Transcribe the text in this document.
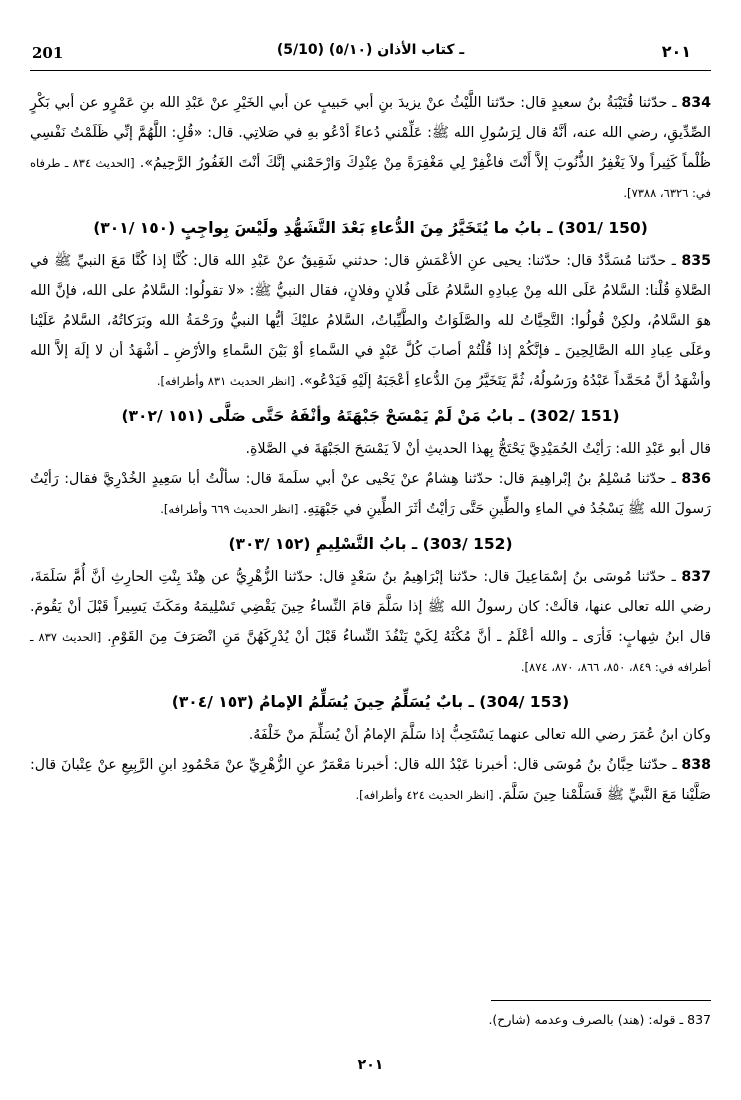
201	(5/10) ـ كتاب الأذان (٥/١٠)	٢٠١

834 ـ حدّثنا قُتَيْبَةُ بنُ سعيدٍ قال: حدّثنا اللَّيْثُ عنْ يزيدَ بنِ أبي حَبيبٍ عن أبي الخَيْرِ عنْ عَبْدِ الله بنِ عَمْرٍو عن أبي بَكْرٍ الصِّدِّيقِ، رضي الله عنه، أنَّهُ قال لِرَسُولِ الله ﷺ: عَلِّمْني دُعاءً أدْعُو بهِ في صَلاتِي. قال: «قُلِ: اللَّهُمَّ إنِّي ظَلَمْتُ نَفْسِي ظُلْماً كَثِيراً ولاَ يَغْفِرُ الذُّنُوبَ إلاَّ أَنْتَ فاغْفِرْ لِي مَغْفِرَةً مِنْ عِنْدِكَ وَارْحَمْني إنَّكَ أنْتَ الغَفُورُ الرَّحِيمُ». [الحديث ٨٣٤ ـ طرفاه في: ٦٣٢٦، ٧٣٨٨].

(150 /301) ـ بابُ ما يُتَخَيَّرُ مِنَ الدُّعاءِ بَعْدَ التَّشَهُّدِ ولَيْسَ بِواجِبٍ (١٥٠ /٣٠١)

835 ـ حدّثنا مُسَدَّدٌ قال: حدّثنا: يحيى عنِ الأعْمَشِ قال: حدثني شَقِيقٌ عنْ عَبْدِ الله قال: كُنَّا إذا كُنَّا مَعَ النبيِّ ﷺ في الصَّلاةِ قُلْنا: السَّلامُ عَلَى الله مِنْ عِبادِهِ السَّلامُ عَلَى فُلانٍ وفلانٍ، فقال النبيُّ ﷺ: «لا تقولُوا: السَّلامُ على الله، فإنَّ الله هوَ السَّلامُ، ولكِنْ قُولُوا: التَّحِيَّاتُ لله والصَّلَوَاتُ والطَّيِّباتُ، السَّلامُ عليْكَ أيُّها النبيُّ ورَحْمَةُ الله وبَرَكاتُهُ، السَّلامُ عَلَيْنا وعَلَى عِبادِ الله الصَّالِحِينَ ـ فإنَّكُمْ إذا قُلْتُمْ أصابَ كُلَّ عَبْدٍ في السَّماءِ أوْ بَيْنَ السَّماءِ والأرْضِ ـ أشْهَدُ أن لا إلَهَ إلاَّ الله وأشْهَدُ أنَّ مُحَمَّداً عَبْدُهُ ورَسُولُهُ، ثُمَّ يَتَخَيَّرُ مِنَ الدُّعاءِ أعْجَبَهُ إلَيْهِ فَيَدْعُو». [انظر الحديث ٨٣١ وأطرافه].

(151 /302) ـ بابُ مَنْ لَمْ يَمْسَحْ جَبْهَتَهُ وأنْفَهُ حَتَّى صَلَّى (١٥١ /٣٠٢)

قال أبو عَبْدِ الله: رَأيْتُ الحُمَيْدِيَّ يَحْتَجُّ بِهذا الحديثِ أنْ لاَ يَمْسَحَ الجَبْهَةَ في الصَّلاةِ.

836 ـ حدّثنا مُسْلِمُ بنُ إبْراهِيمَ قال: حدّثنا هِشامٌ عنْ يَحْيى عنْ أبي سلَمةَ قال: سألْتُ أبا سَعِيدٍ الخُدْرِيَّ فقال: رَأيْتُ رَسولَ الله ﷺ يَسْجُدُ في الماءِ والطِّينِ حَتَّى رَأيْتُ أثَرَ الطِّينِ في جَبْهَتِهِ. [انظر الحديث ٦٦٩ وأطرافه].

(152 /303) ـ بابُ التَّسْلِيمِ (١٥٢ /٣٠٣)

837 ـ حدّثنا مُوسَى بنُ إسْمَاعِيلَ قال: حدّثنا إبْرَاهِيمُ بنُ سَعْدٍ قال: حدّثنا الزُّهْرِيُّ عن هِنْدَ بِنْتِ الحارِثِ أنَّ أُمَّ سَلَمَةَ، رضي الله تعالى عنها، قالَتْ: كان رسولُ الله ﷺ إذا سَلَّمَ قامَ النِّساءُ حِينَ يَقْضِي تَسْلِيمَهُ ومَكَثَ يَسِيراً قَبْلَ أنْ يَقُومَ. قال ابنُ شِهابٍ: فَأرَى ـ والله أعْلَمُ ـ أنَّ مُكْثَهُ لِكَيْ يَنْفُذَ النِّساءُ قَبْلَ أنْ يُدْرِكَهُنَّ مَنِ انْصَرَفَ مِنَ القَوْمِ. [الحديث ٨٣٧ ـ أطرافه في: ٨٤٩، ٨٥٠، ٨٦٦، ٨٧٠، ٨٧٤].

(153 /304) ـ بابٌ يُسَلِّمُ حِينَ يُسَلِّمُ الإمامُ (١٥٣ /٣٠٤)

وكان ابنُ عُمَرَ رضي الله تعالى عنهما يَسْتَحِبُّ إذا سَلَّمَ الإمامُ أنْ يُسَلِّمَ منْ خَلْفَهُ.

838 ـ حدّثنا حِبَّانُ بنُ مُوسَى قال: أخبرنا عَبْدُ الله قال: أخبرنا مَعْمَرٌ عنِ الزُّهْرِيِّ عنْ مَحْمُودِ ابنِ الرَّبِيعِ عنْ عِتْبانَ قال: صَلَّيْنا مَعَ النَّبيِّ ﷺ فَسَلَّمْنا حِينَ سَلَّمَ. [انظر الحديث ٤٢٤ وأطرافه].

837 ـ قوله: (هند) بالصرف وعدمه (شارح).
٢٠١
